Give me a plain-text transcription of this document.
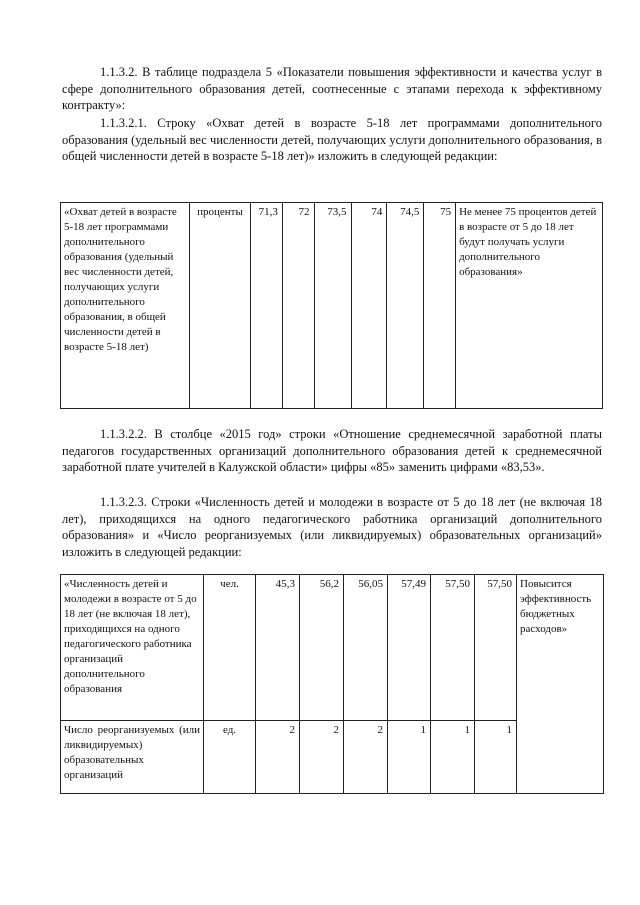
1.1.3.2. В таблице подраздела 5 «Показатели повышения эффективности и качества услуг в сфере дополнительного образования детей, соотнесенные с этапами перехода к эффективному контракту»:

1.1.3.2.1. Строку «Охват детей в возрасте 5-18 лет программами дополнительного образования (удельный вес численности детей, получающих услуги дополнительного образования, в общей численности детей в возрасте 5-18 лет)» изложить в следующей редакции:

«Охват детей в возрасте 5-18 лет программами дополнительного образования (удельный вес численности детей, получающих услуги дополнительного образования, в общей численности детей в возрасте 5-18 лет)	проценты	71,3	72	73,5	74	74,5	75	Не менее 75 процентов детей в возрасте от 5 до 18 лет будут получать услуги дополнительного образования»

1.1.3.2.2. В столбце «2015 год» строки «Отношение среднемесячной заработной платы педагогов государственных организаций дополнительного образования детей к среднемесячной заработной плате учителей в Калужской области» цифры «85» заменить цифрами «83,53».

1.1.3.2.3. Строки «Численность детей и молодежи в возрасте от 5 до 18 лет (не включая 18 лет), приходящихся на одного педагогического работника организаций дополнительного образования» и «Число реорганизуемых (или ликвидируемых) образовательных организаций» изложить в следующей редакции:

«Численность детей и молодежи в возрасте от 5 до 18 лет (не включая 18 лет), приходящихся на одного педагогического работника организаций дополнительного образования	чел.	45,3	56,2	56,05	57,49	57,50	57,50	Повысится эффективность бюджетных расходов»
Число реорганизуемых (или ликвидируемых) образовательных организаций	ед.	2	2	2	1	1	1	
